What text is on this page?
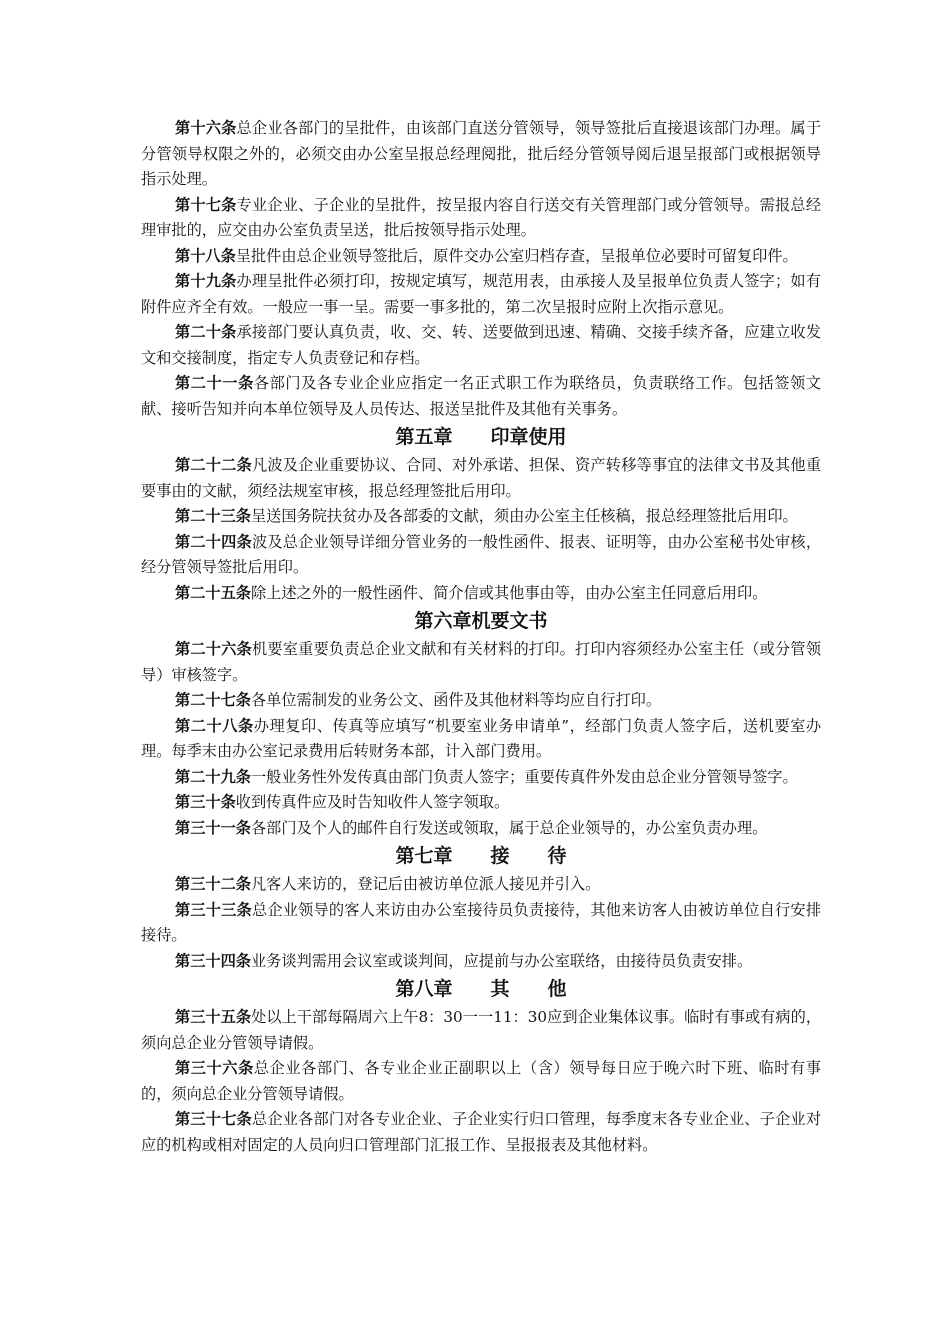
第十六条总企业各部门的呈批件，由该部门直送分管领导，领导签批后直接退该部门办理。属于分管领导权限之外的，必须交由办公室呈报总经理阅批，批后经分管领导阅后退呈报部门或根据领导指示处理。

第十七条专业企业、子企业的呈批件，按呈报内容自行送交有关管理部门或分管领导。需报总经理审批的，应交由办公室负责呈送，批后按领导指示处理。

第十八条呈批件由总企业领导签批后，原件交办公室归档存查，呈报单位必要时可留复印件。

第十九条办理呈批件必须打印，按规定填写，规范用表，由承接人及呈报单位负责人签字；如有附件应齐全有效。一般应一事一呈。需要一事多批的，第二次呈报时应附上次指示意见。

第二十条承接部门要认真负责，收、交、转、送要做到迅速、精确、交接手续齐备，应建立收发文和交接制度，指定专人负责登记和存档。

第二十一条各部门及各专业企业应指定一名正式职工作为联络员，负责联络工作。包括签领文献、接听告知并向本单位领导及人员传达、报送呈批件及其他有关事务。

第五章　　印章使用

第二十二条凡波及企业重要协议、合同、对外承诺、担保、资产转移等事宜的法律文书及其他重要事由的文献，须经法规室审核，报总经理签批后用印。

第二十三条呈送国务院扶贫办及各部委的文献，须由办公室主任核稿，报总经理签批后用印。

第二十四条波及总企业领导详细分管业务的一般性函件、报表、证明等，由办公室秘书处审核，经分管领导签批后用印。

第二十五条除上述之外的一般性函件、简介信或其他事由等，由办公室主任同意后用印。

第六章机要文书

第二十六条机要室重要负责总企业文献和有关材料的打印。打印内容须经办公室主任（或分管领导）审核签字。

第二十七条各单位需制发的业务公文、函件及其他材料等均应自行打印。

第二十八条办理复印、传真等应填写“机要室业务申请单”，经部门负责人签字后，送机要室办理。每季末由办公室记录费用后转财务本部，计入部门费用。

第二十九条一般业务性外发传真由部门负责人签字；重要传真件外发由总企业分管领导签字。

第三十条收到传真件应及时告知收件人签字领取。

第三十一条各部门及个人的邮件自行发送或领取，属于总企业领导的，办公室负责办理。

第七章　　接　　待

第三十二条凡客人来访的，登记后由被访单位派人接见并引入。

第三十三条总企业领导的客人来访由办公室接待员负责接待，其他来访客人由被访单位自行安排接待。

第三十四条业务谈判需用会议室或谈判间，应提前与办公室联络，由接待员负责安排。

第八章　　其　　他

第三十五条处以上干部每隔周六上午8：30一一11：30应到企业集体议事。临时有事或有病的，须向总企业分管领导请假。

第三十六条总企业各部门、各专业企业正副职以上（含）领导每日应于晚六时下班、临时有事的，须向总企业分管领导请假。

第三十七条总企业各部门对各专业企业、子企业实行归口管理，每季度末各专业企业、子企业对应的机构或相对固定的人员向归口管理部门汇报工作、呈报报表及其他材料。
